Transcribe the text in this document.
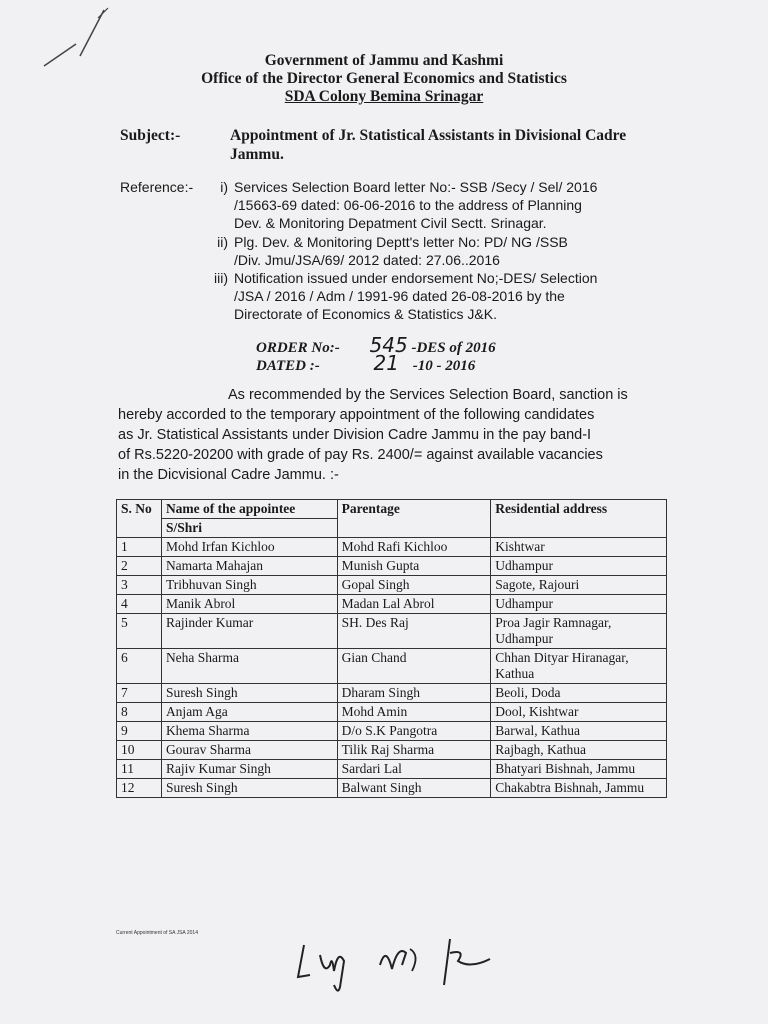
Government of Jammu and Kashmi
Office of the Director General Economics and Statistics
SDA Colony Bemina Srinagar
Subject:-	Appointment of Jr. Statistical Assistants in Divisional Cadre Jammu.
Reference:-	i) Services Selection Board letter No:- SSB /Secy / Sel/ 2016
/15663-69 dated: 06-06-2016 to the address of Planning
Dev. & Monitoring Depatment Civil Sectt. Srinagar.
ii) Plg. Dev. & Monitoring Deptt's letter No: PD/ NG /SSB
/Div. Jmu/JSA/69/ 2012 dated: 27.06..2016
iii) Notification issued under endorsement No;-DES/ Selection
/JSA / 2016 / Adm / 1991-96 dated 26-08-2016 by the
Directorate of Economics & Statistics J&K.
ORDER No:- 545 -DES of 2016
DATED :-	21 -10 - 2016
As recommended by the Services Selection Board, sanction is
hereby accorded to the temporary appointment of the following candidates
as Jr. Statistical Assistants under Division Cadre Jammu in the pay band-I
of Rs.5220-20200 with grade of pay Rs. 2400/= against available vacancies
in the Dicvisional Cadre Jammu. :-
S. No	Name of the appointee	Parentage	Residential address
	S/Shri		
1	Mohd Irfan Kichloo	Mohd Rafi Kichloo	Kishtwar
2	Namarta Mahajan	Munish Gupta	Udhampur
3	Tribhuvan Singh	Gopal Singh	Sagote, Rajouri
4	Manik Abrol	Madan Lal Abrol	Udhampur
5	Rajinder Kumar	SH. Des Raj	Proa Jagir Ramnagar, Udhampur
6	Neha Sharma	Gian Chand	Chhan Dityar Hiranagar, Kathua
7	Suresh Singh	Dharam Singh	Beoli, Doda
8	Anjam Aga	Mohd Amin	Dool, Kishtwar
9	Khema Sharma	D/o S.K Pangotra	Barwal, Kathua
10	Gourav Sharma	Tilik Raj Sharma	Rajbagh, Kathua
11	Rajiv Kumar Singh	Sardari Lal	Bhatyari Bishnah, Jammu
12	Suresh Singh	Balwant Singh	Chakabtra Bishnah, Jammu
Current Appointment of SA JSA 2014
